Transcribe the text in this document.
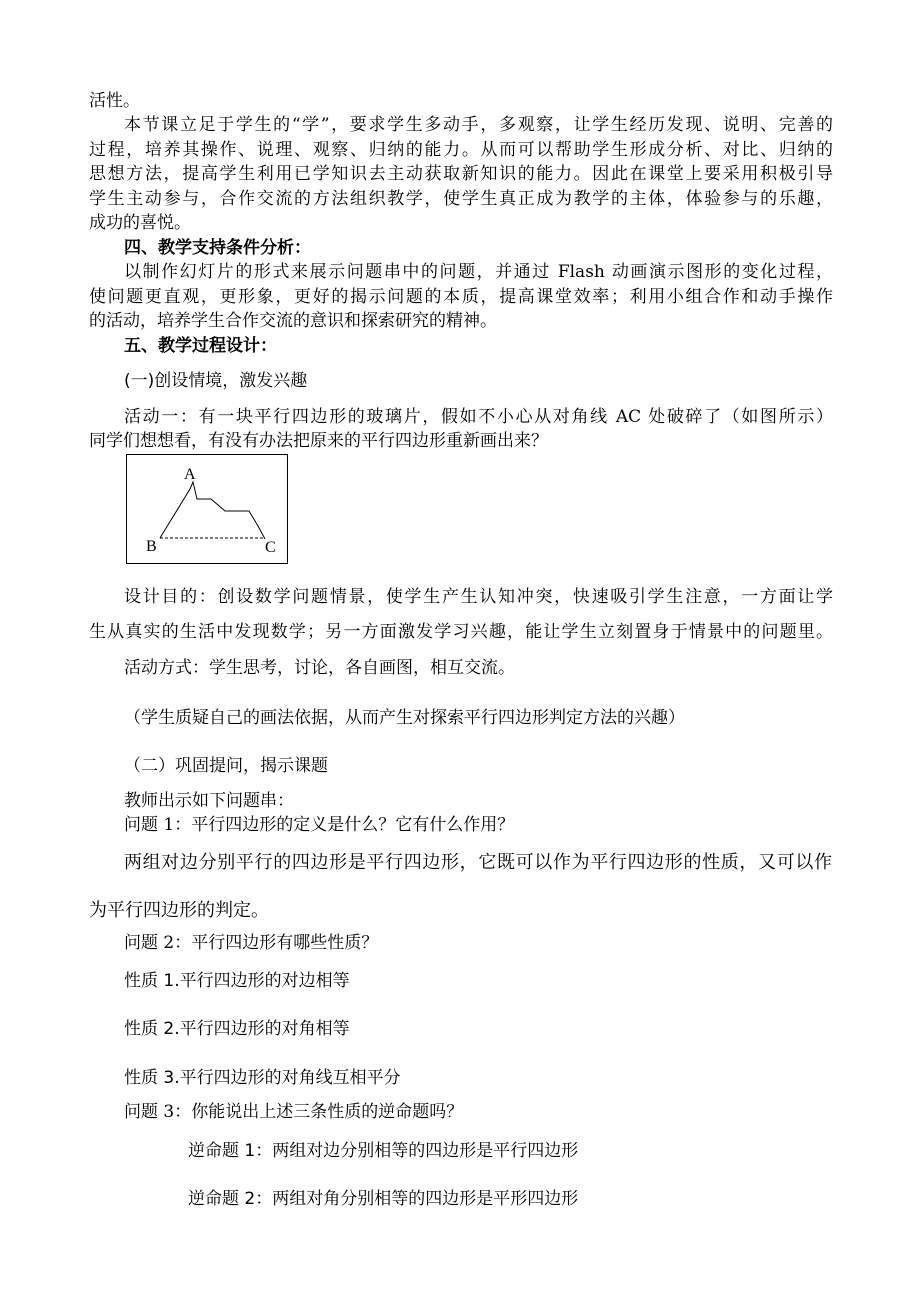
活性。
本节课立足于学生的“学”，要求学生多动手，多观察，让学生经历发现、说明、完善的
过程，培养其操作、说理、观察、归纳的能力。从而可以帮助学生形成分析、对比、归纳的
思想方法，提高学生利用已学知识去主动获取新知识的能力。因此在课堂上要采用积极引导
学生主动参与，合作交流的方法组织教学，使学生真正成为教学的主体，体验参与的乐趣，
成功的喜悦。
四、教学支持条件分析：
以制作幻灯片的形式来展示问题串中的问题，并通过 Flash 动画演示图形的变化过程，
使问题更直观，更形象，更好的揭示问题的本质，提高课堂效率；利用小组合作和动手操作
的活动，培养学生合作交流的意识和探索研究的精神。
五、教学过程设计：
(一)创设情境，激发兴趣
活动一：有一块平行四边形的玻璃片，假如不小心从对角线 AC 处破碎了（如图所示）
同学们想想看，有没有办法把原来的平行四边形重新画出来？
A
B	C
设计目的：创设数学问题情景，使学生产生认知冲突，快速吸引学生注意，一方面让学
生从真实的生活中发现数学；另一方面激发学习兴趣，能让学生立刻置身于情景中的问题里。
活动方式：学生思考，讨论，各自画图，相互交流。
（学生质疑自己的画法依据，从而产生对探索平行四边形判定方法的兴趣）
（二）巩固提问，揭示课题
教师出示如下问题串：
问题 1：平行四边形的定义是什么？它有什么作用？
两组对边分别平行的四边形是平行四边形，它既可以作为平行四边形的性质，又可以作
为平行四边形的判定。
问题 2：平行四边形有哪些性质？
性质 1.平行四边形的对边相等
性质 2.平行四边形的对角相等
性质 3.平行四边形的对角线互相平分
问题 3：你能说出上述三条性质的逆命题吗？
逆命题 1：两组对边分别相等的四边形是平行四边形
逆命题 2：两组对角分别相等的四边形是平形四边形
